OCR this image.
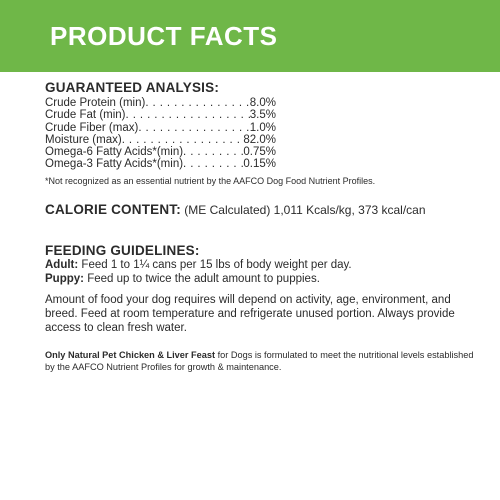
PRODUCT FACTS
GUARANTEED ANALYSIS:
Crude Protein (min) . . .	8.0%
Crude Fat (min) . . .	3.5%
Crude Fiber (max) . . .	1.0%
Moisture (max) . . .	82.0%
Omega-6 Fatty Acids*(min) . . .	0.75%
Omega-3 Fatty Acids*(min) . . .	0.15%
*Not recognized as an essential nutrient by the AAFCO Dog Food Nutrient Profiles.
CALORIE CONTENT: (ME Calculated) 1,011 Kcals/kg, 373 kcal/can
FEEDING GUIDELINES:
Adult: Feed 1 to 1¼ cans per 15 lbs of body weight per day.
Puppy: Feed up to twice the adult amount to puppies.
Amount of food your dog requires will depend on activity, age, environment, and breed. Feed at room temperature and refrigerate unused portion. Always provide access to clean fresh water.
Only Natural Pet Chicken & Liver Feast for Dogs is formulated to meet the nutritional levels established by the AAFCO Nutrient Profiles for growth & maintenance.
